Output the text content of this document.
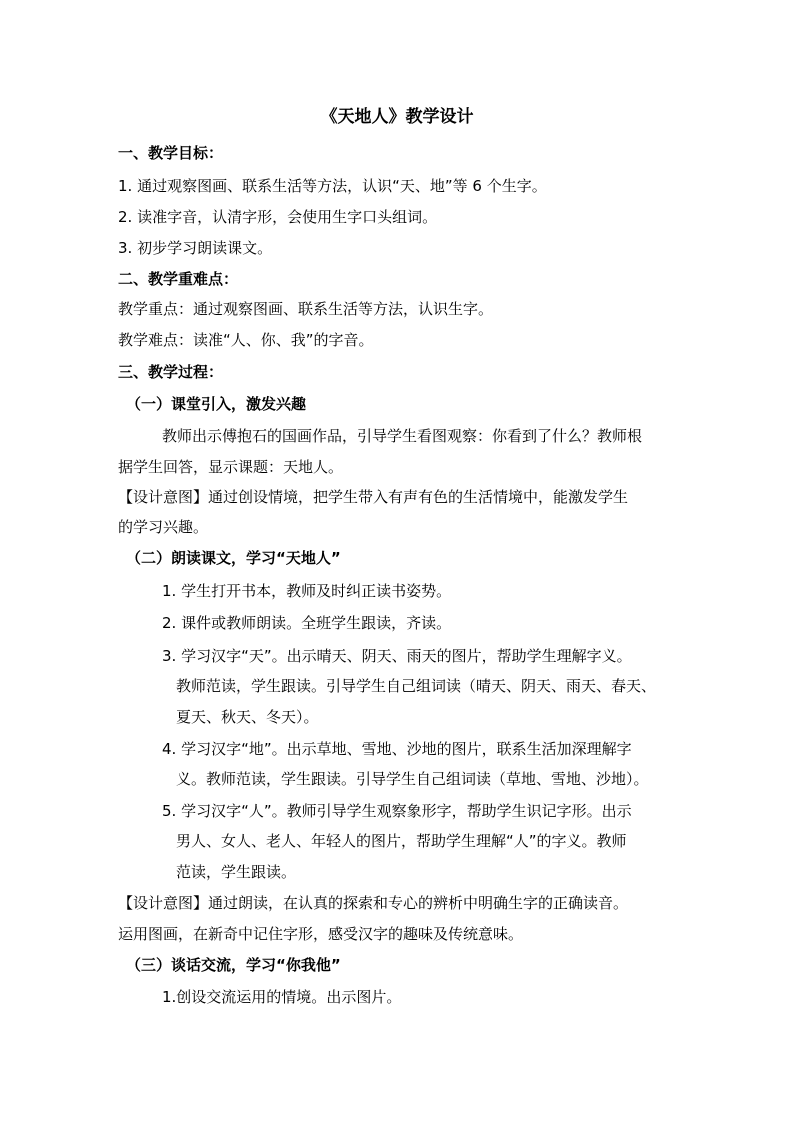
《天地人》教学设计
一、教学目标：
1. 通过观察图画、联系生活等方法，认识“天、地”等 6 个生字。
2. 读准字音，认清字形，会使用生字口头组词。
3. 初步学习朗读课文。
二、教学重难点：
教学重点：通过观察图画、联系生活等方法，认识生字。
教学难点：读准“人、你、我”的字音。
三、教学过程：
（一）课堂引入，激发兴趣
教师出示傅抱石的国画作品，引导学生看图观察：你看到了什么？教师根
据学生回答，显示课题：天地人。
【设计意图】通过创设情境，把学生带入有声有色的生活情境中，能激发学生
的学习兴趣。
（二）朗读课文，学习“天地人”
1. 学生打开书本，教师及时纠正读书姿势。
2. 课件或教师朗读。全班学生跟读，齐读。
3. 学习汉字“天”。出示晴天、阴天、雨天的图片，帮助学生理解字义。
教师范读，学生跟读。引导学生自己组词读（晴天、阴天、雨天、春天、
夏天、秋天、冬天）。
4. 学习汉字“地”。出示草地、雪地、沙地的图片，联系生活加深理解字
义。教师范读，学生跟读。引导学生自己组词读（草地、雪地、沙地）。
5. 学习汉字“人”。教师引导学生观察象形字，帮助学生识记字形。出示
男人、女人、老人、年轻人的图片，帮助学生理解“人”的字义。教师
范读，学生跟读。
【设计意图】通过朗读，在认真的探索和专心的辨析中明确生字的正确读音。
运用图画，在新奇中记住字形，感受汉字的趣味及传统意味。
（三）谈话交流，学习“你我他”
1.创设交流运用的情境。出示图片。
